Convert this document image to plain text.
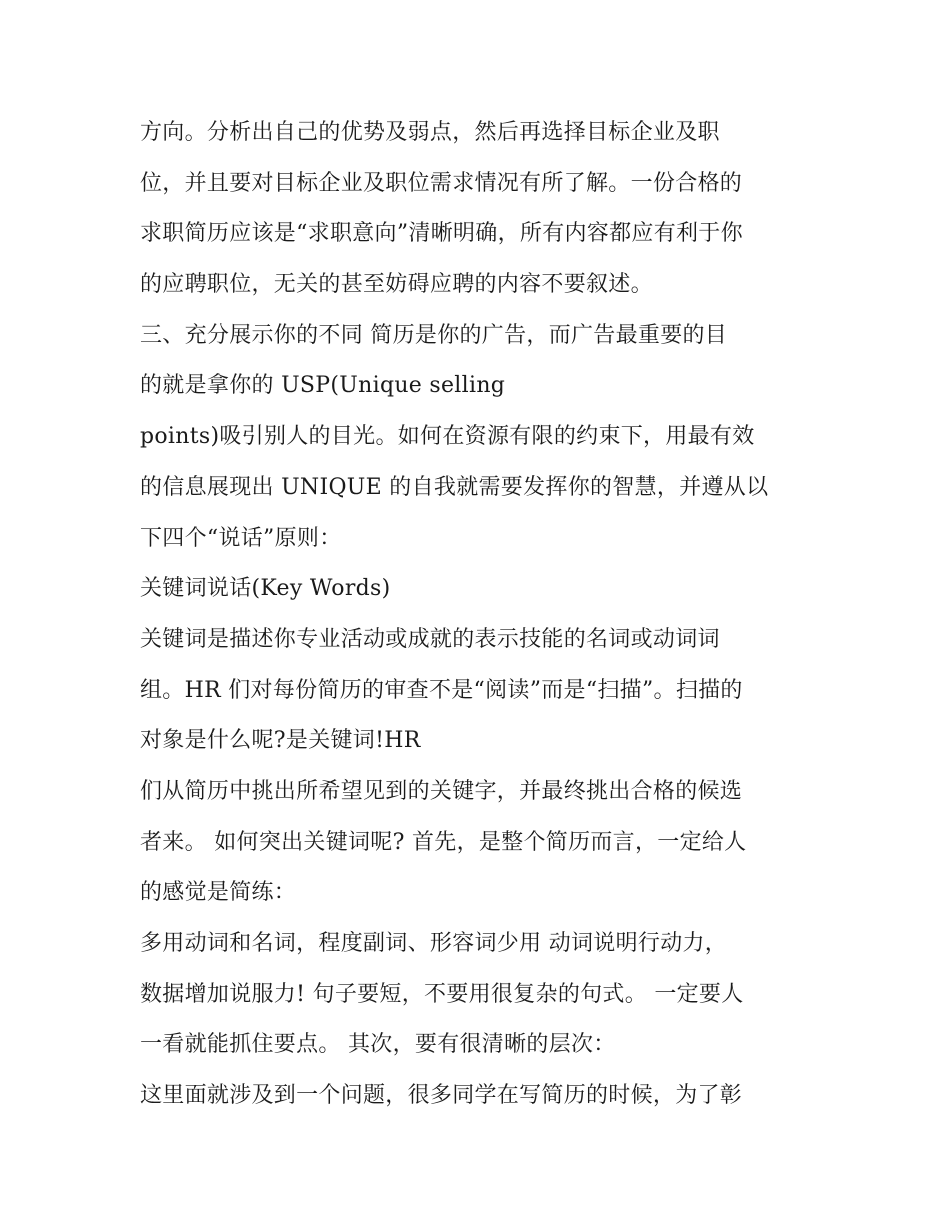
方向。分析出自己的优势及弱点，然后再选择目标企业及职
位，并且要对目标企业及职位需求情况有所了解。一份合格的
求职简历应该是“求职意向”清晰明确，所有内容都应有利于你
的应聘职位，无关的甚至妨碍应聘的内容不要叙述。
三、充分展示你的不同 简历是你的广告，而广告最重要的目
的就是拿你的 USP(Unique selling
points)吸引别人的目光。如何在资源有限的约束下，用最有效
的信息展现出 UNIQUE 的自我就需要发挥你的智慧，并遵从以
下四个“说话”原则：
关键词说话(Key Words)
关键词是描述你专业活动或成就的表示技能的名词或动词词
组。HR 们对每份简历的审查不是“阅读”而是“扫描”。扫描的
对象是什么呢?是关键词!HR
们从简历中挑出所希望见到的关键字，并最终挑出合格的候选
者来。 如何突出关键词呢? 首先，是整个简历而言，一定给人
的感觉是简练：
多用动词和名词，程度副词、形容词少用 动词说明行动力，
数据增加说服力! 句子要短，不要用很复杂的句式。 一定要人
一看就能抓住要点。 其次，要有很清晰的层次：
这里面就涉及到一个问题，很多同学在写简历的时候，为了彰
